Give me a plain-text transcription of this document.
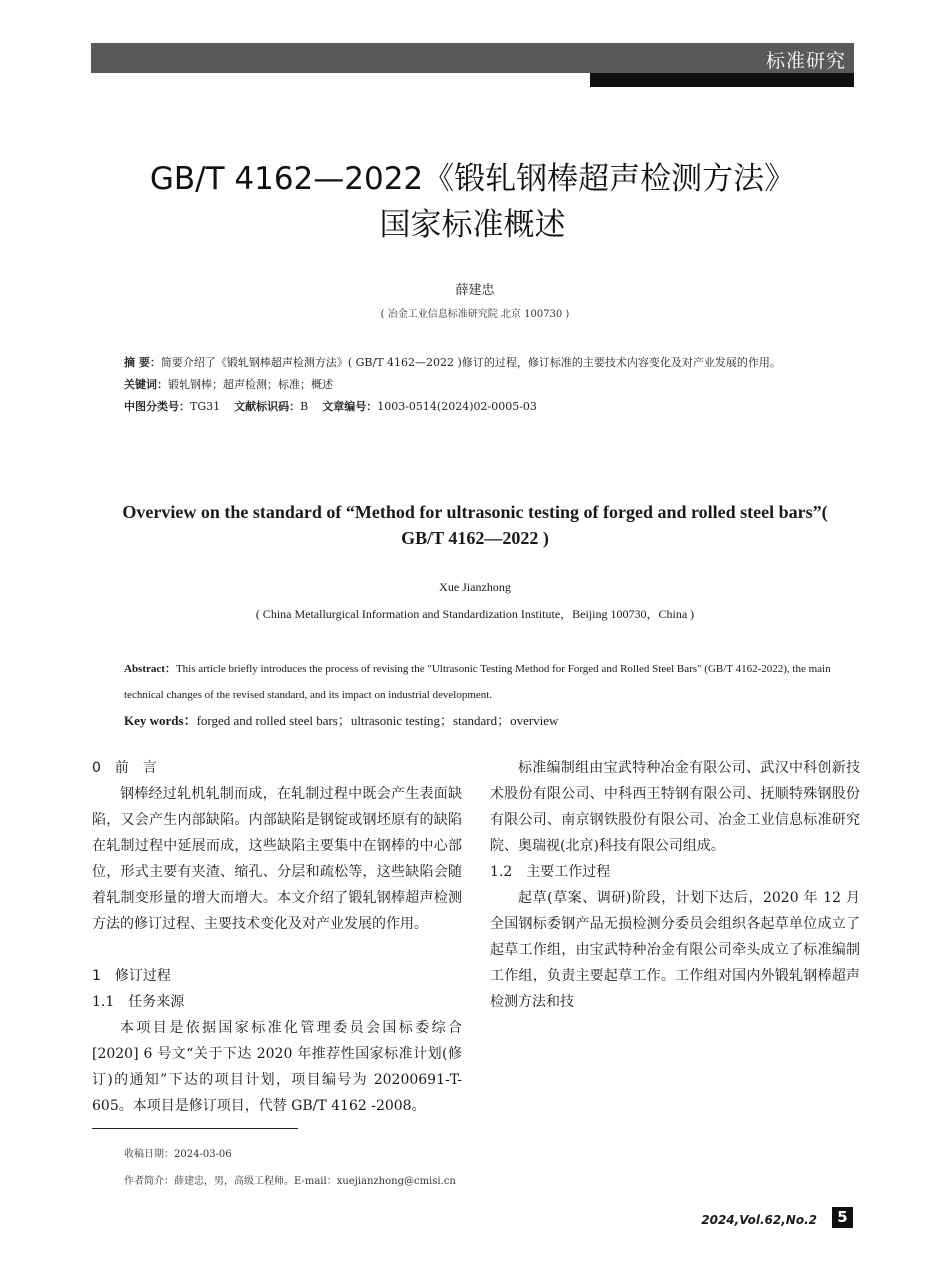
标准研究
GB/T 4162—2022《锻轧钢棒超声检测方法》
国家标准概述
薛建忠
( 冶金工业信息标准研究院 北京 100730 )

摘 要：简要介绍了《锻轧钢棒超声检测方法》( GB/T 4162—2022 )修订的过程，修订标准的主要技术内容变化及对产业发展的作用。

关键词：锻轧钢棒；超声检测；标准；概述

中图分类号：TG31 文献标识码：B 文章编号：1003-0514(2024)02-0005-03

Overview on the standard of “Method for ultrasonic testing of forged and rolled steel bars”( GB/T 4162—2022 )
Xue Jianzhong
( China Metallurgical Information and Standardization Institute，Beijing 100730，China )

Abstract：This article briefly introduces the process of revising the "Ultrasonic Testing Method for Forged and Rolled Steel Bars" (GB/T 4162-2022), the main technical changes of the revised standard, and its impact on industrial development.

Key words：forged and rolled steel bars；ultrasonic testing；standard；overview

0　前　言

钢棒经过轧机轧制而成，在轧制过程中既会产生表面缺陷，又会产生内部缺陷。内部缺陷是钢锭或钢坯原有的缺陷在轧制过程中延展而成，这些缺陷主要集中在钢棒的中心部位，形式主要有夹渣、缩孔、分层和疏松等，这些缺陷会随着轧制变形量的增大而增大。本文介绍了锻轧钢棒超声检测方法的修订过程、主要技术变化及对产业发展的作用。

1　修订过程

1.1　任务来源

本项目是依据国家标准化管理委员会国标委综合 [2020] 6 号文“关于下达 2020 年推荐性国家标准计划(修订)的通知”下达的项目计划，项目编号为 20200691-T-605。本项目是修订项目，代替 GB/T 4162 -2008。

标准编制组由宝武特种冶金有限公司、武汉中科创新技术股份有限公司、中科西王特钢有限公司、抚顺特殊钢股份有限公司、南京钢铁股份有限公司、冶金工业信息标准研究院、奥瑞视(北京)科技有限公司组成。

1.2　主要工作过程

起草(草案、调研)阶段，计划下达后，2020 年 12 月全国钢标委钢产品无损检测分委员会组织各起草单位成立了起草工作组，由宝武特种冶金有限公司牵头成立了标准编制工作组，负责主要起草工作。工作组对国内外锻轧钢棒超声检测方法和技

收稿日期：2024-03-06
作者简介：薛建忠，男，高级工程师。E-mail：xuejianzhong@cmisi.cn
2024,Vol.62,No.2	5
